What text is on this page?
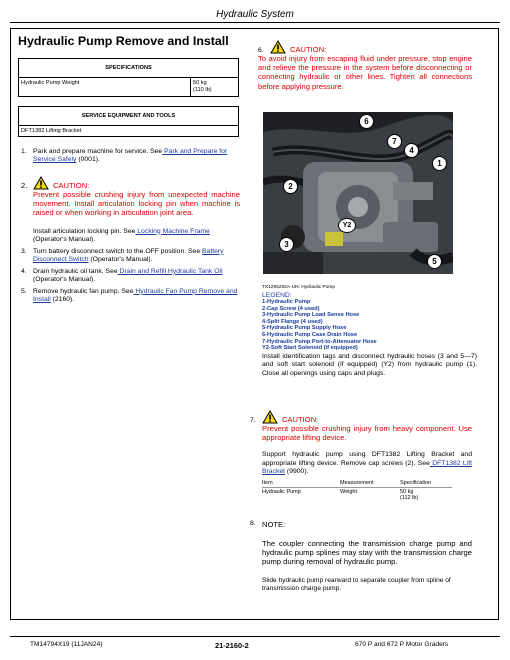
Hydraulic System
Hydraulic Pump Remove and Install
SPECIFICATIONS
Hydraulic Pump Weight	50 kg
(110 lb)
SERVICE EQUIPMENT AND TOOLS
DFT1382 Lifting Bracket
1. Park and prepare machine for service. See Park and Prepare for Service Safely (0001).
2.	CAUTION:
Prevent possible crushing injury from unexpected machine movement. Install articulation locking pin when machine is raised or when working in articulation joint area.
Install articulation locking pin. See Locking Machine Frame (Operator's Manual).
3. Turn battery disconnect switch to the OFF position. See Battery Disconnect Switch (Operator's Manual).
4. Drain hydraulic oil tank. See Drain and Refill Hydraulic Tank Oil (Operator's Manual).
5. Remove hydraulic fan pump. See Hydraulic Fan Pump Remove and Install (2160).
6.	CAUTION:
To avoid injury from escaping fluid under pressure, stop engine and relieve the pressure in the system before disconnecting or connecting hydraulic or other lines. Tighten all connections before applying pressure.
6
7
4
1
2
Y2
3
5
TX1295282A-UN: Hydraulic Pump
LEGEND:
1-Hydraulic Pump
2-Cap Screw (4 used)
3-Hydraulic Pump Load Sense Hose
4-Split Flange (4 used)
5-Hydraulic Pump Supply Hose
6-Hydraulic Pump Case Drain Hose
7-Hydraulic Pump Port-to-Attenuator Hose
Y2-Soft Start Solenoid (if equipped)
Install identification tags and disconnect hydraulic hoses (3 and 5—7) and soft start solenoid (if equipped) (Y2) from hydraulic pump (1). Close all openings using caps and plugs.
7.	CAUTION:
Prevent possible crushing injury from heavy component. Use appropriate lifting device.
Support hydraulic pump using DFT1382 Lifting Bracket and appropriate lifting device. Remove cap screws (2). See DFT1382 Lift Bracket (9900).
Item	Measurement	Specification
Hydraulic Pump	Weight	50 kg
(112 lb)
8. NOTE:
The coupler connecting the transmission charge pump and hydraulic pump splines may stay with the transmission charge pump during removal of hydraulic pump.
Slide hydraulic pump rearward to separate coupler from spline of transmission charge pump.
TM14794X19 (11JAN24)	21-2160-2	670 P and 672 P Motor Graders
